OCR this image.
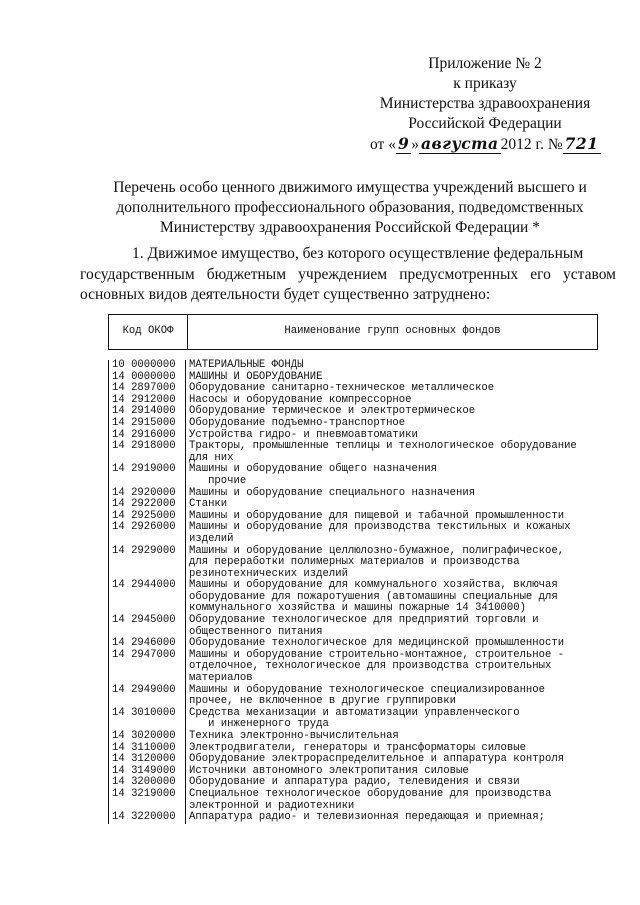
Приложение № 2
к приказу
Министерства здравоохранения
Российской Федерации
от « 9 » августа 2012 г. № 721
Перечень особо ценного движимого имущества учреждений высшего и
дополнительного профессионального образования, подведомственных
Министерству здравоохранения Российской Федерации *
1. Движимое имущество, без которого осуществление федеральным
государственным бюджетным учреждением предусмотренных его уставом основных видов деятельности будет существенно затруднено:
Код ОКОФ	Наименование групп основных фондов
10 0000000	МАТЕРИАЛЬНЫЕ ФОНДЫ
14 0000000	МАШИНЫ И ОБОРУДОВАНИЕ
14 2897000	Оборудование санитарно-техническое металлическое
14 2912000	Насосы и оборудование компрессорное
14 2914000	Оборудование термическое и электротермическое
14 2915000	Оборудование подъемно-транспортное
14 2916000	Устройства гидро- и пневмоавтоматики
14 2918000	Тракторы, промышленные теплицы и технологическое оборудование
для них
14 2919000	Машины и оборудование общего назначения
прочие
14 2920000	Машины и оборудование специального назначения
14 2922000	Станки
14 2925000	Машины и оборудование для пищевой и табачной промышленности
14 2926000	Машины и оборудование для производства текстильных и кожаных
изделий
14 2929000	Машины и оборудование целлюлозно-бумажное, полиграфическое,
для переработки полимерных материалов и производства
резинотехнических изделий
14 2944000	Машины и оборудование для коммунального хозяйства, включая
оборудование для пожаротушения (автомашины специальные для
коммунального хозяйства и машины пожарные 14 3410000)
14 2945000	Оборудование технологическое для предприятий торговли и
общественного питания
14 2946000	Оборудование технологическое для медицинской промышленности
14 2947000	Машины и оборудование строительно-монтажное, строительное -
отделочное, технологическое для производства строительных
материалов
14 2949000	Машины и оборудование технологическое специализированное
прочее, не включенное в другие группировки
14 3010000	Средства механизации и автоматизации управленческого
и инженерного труда
14 3020000	Техника электронно-вычислительная
14 3110000	Электродвигатели, генераторы и трансформаторы силовые
14 3120000	Оборудование электрораспределительное и аппаратура контроля
14 3149000	Источники автономного электропитания силовые
14 3200000	Оборудование и аппаратура радио, телевидения и связи
14 3219000	Специальное технологическое оборудование для производства
электронной и радиотехники
14 3220000	Аппаратура радио- и телевизионная передающая и приемная;
